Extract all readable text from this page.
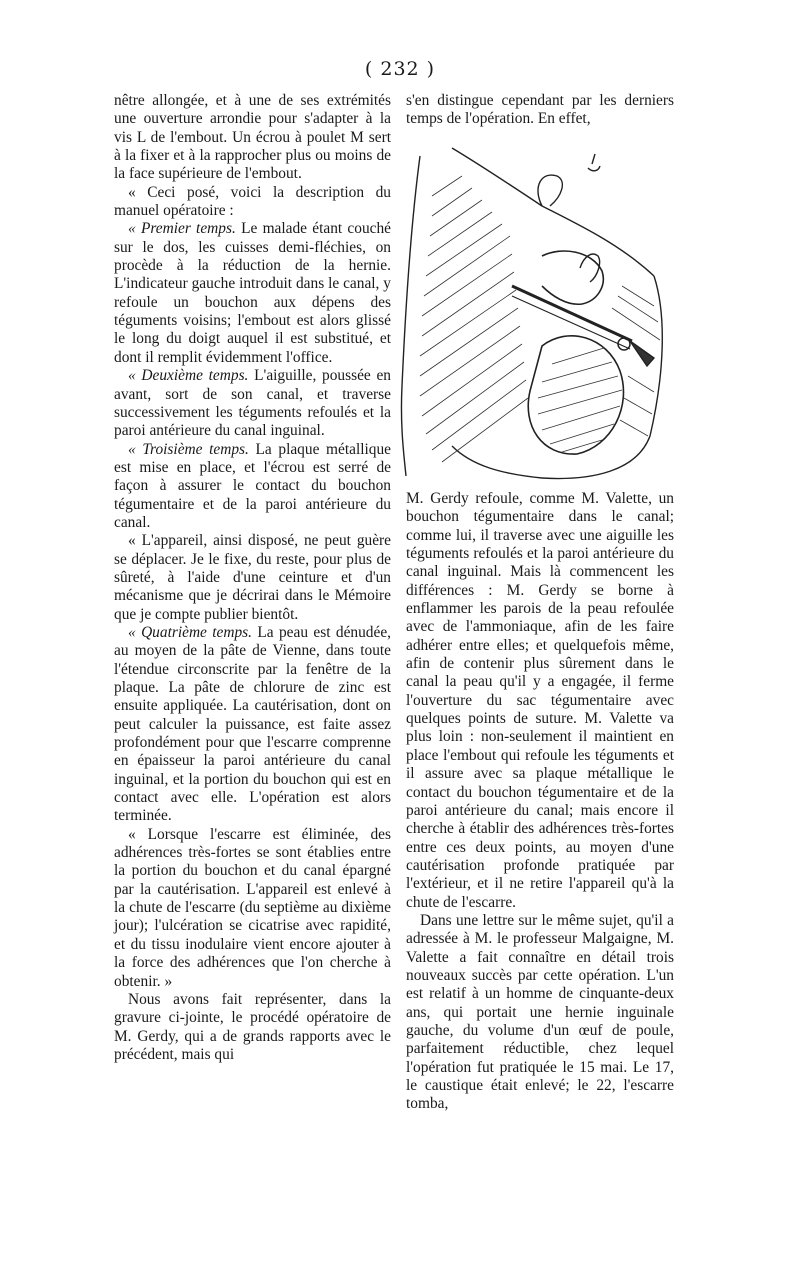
( 232 )

nêtre allongée, et à une de ses extrémités une ouverture arrondie pour s'adapter à la vis L de l'embout. Un écrou à poulet M sert à la fixer et à la rapprocher plus ou moins de la face supérieure de l'embout.

« Ceci posé, voici la description du manuel opératoire :

« Premier temps. Le malade étant couché sur le dos, les cuisses demi-fléchies, on procède à la réduction de la hernie. L'indicateur gauche introduit dans le canal, y refoule un bouchon aux dépens des téguments voisins; l'embout est alors glissé le long du doigt auquel il est substitué, et dont il remplit évidemment l'office.

« Deuxième temps. L'aiguille, poussée en avant, sort de son canal, et traverse successivement les téguments refoulés et la paroi antérieure du canal inguinal.

« Troisième temps. La plaque métallique est mise en place, et l'écrou est serré de façon à assurer le contact du bouchon tégumentaire et de la paroi antérieure du canal.

« L'appareil, ainsi disposé, ne peut guère se déplacer. Je le fixe, du reste, pour plus de sûreté, à l'aide d'une ceinture et d'un mécanisme que je décrirai dans le Mémoire que je compte publier bientôt.

« Quatrième temps. La peau est dénudée, au moyen de la pâte de Vienne, dans toute l'étendue circonscrite par la fenêtre de la plaque. La pâte de chlorure de zinc est ensuite appliquée. La cautérisation, dont on peut calculer la puissance, est faite assez profondément pour que l'escarre comprenne en épaisseur la paroi antérieure du canal inguinal, et la portion du bouchon qui est en contact avec elle. L'opération est alors terminée.

« Lorsque l'escarre est éliminée, des adhérences très-fortes se sont établies entre la portion du bouchon et du canal épargné par la cautérisation. L'appareil est enlevé à la chute de l'escarre (du septième au dixième jour); l'ulcération se cicatrise avec rapidité, et du tissu inodulaire vient encore ajouter à la force des adhérences que l'on cherche à obtenir. »

Nous avons fait représenter, dans la gravure ci-jointe, le procédé opératoire de M. Gerdy, qui a de grands rapports avec le précédent, mais qui

s'en distingue cependant par les derniers temps de l'opération. En effet,

M. Gerdy refoule, comme M. Valette, un bouchon tégumentaire dans le canal; comme lui, il traverse avec une aiguille les téguments refoulés et la paroi antérieure du canal inguinal. Mais là commencent les différences : M. Gerdy se borne à enflammer les parois de la peau refoulée avec de l'ammoniaque, afin de les faire adhérer entre elles; et quelquefois même, afin de contenir plus sûrement dans le canal la peau qu'il y a engagée, il ferme l'ouverture du sac tégumentaire avec quelques points de suture. M. Valette va plus loin : non-seulement il maintient en place l'embout qui refoule les téguments et il assure avec sa plaque métallique le contact du bouchon tégumentaire et de la paroi antérieure du canal; mais encore il cherche à établir des adhérences très-fortes entre ces deux points, au moyen d'une cautérisation profonde pratiquée par l'extérieur, et il ne retire l'appareil qu'à la chute de l'escarre.

Dans une lettre sur le même sujet, qu'il a adressée à M. le professeur Malgaigne, M. Valette a fait connaître en détail trois nouveaux succès par cette opération. L'un est relatif à un homme de cinquante-deux ans, qui portait une hernie inguinale gauche, du volume d'un œuf de poule, parfaitement réductible, chez lequel l'opération fut pratiquée le 15 mai. Le 17, le caustique était enlevé; le 22, l'escarre tomba,
